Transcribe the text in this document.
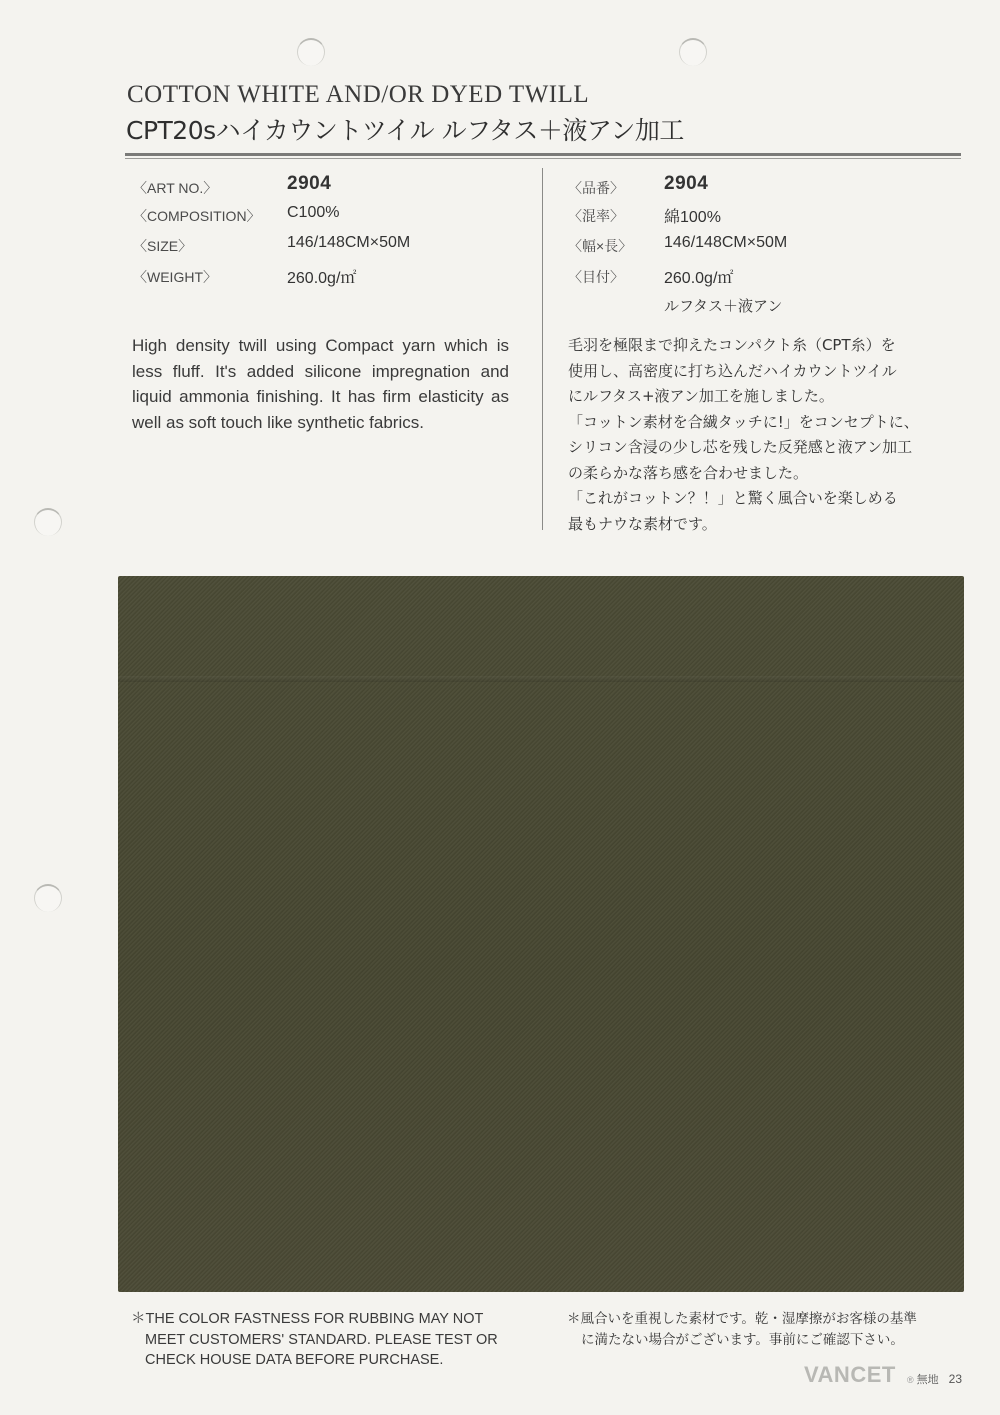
COTTON WHITE AND/OR DYED TWILL
CPT20sハイカウントツイル ルフタス＋液アン加工
〈ART NO.〉	2904
〈COMPOSITION〉 C100%
〈SIZE〉	146/148CM×50M
〈WEIGHT〉	260.0g/㎡
〈品番〉 2904
〈混率〉	綿100%
〈幅×長〉 146/148CM×50M
〈目付〉	260.0g/㎡
ルフタス＋液アン
High density twill using Compact yarn which is less fluff. It's added silicone impregnation and liquid ammonia finishing. It has firm elasticity as well as soft touch like synthetic fabrics.
毛羽を極限まで抑えたコンパクト糸（CPT糸）を
使用し、高密度に打ち込んだハイカウントツイル
にルフタス+液アン加工を施しました。
「コットン素材を合繊タッチに!」をコンセプトに、
シリコン含浸の少し芯を残した反発感と液アン加工
の柔らかな落ち感を合わせました。
「これがコットン？！」と驚く風合いを楽しめる
最もナウな素材です。
＊THE COLOR FASTNESS FOR RUBBING MAY NOT
MEET CUSTOMERS' STANDARD. PLEASE TEST OR
CHECK HOUSE DATA BEFORE PURCHASE.
＊風合いを重視した素材です。乾・湿摩擦がお客様の基準
に満たない場合がございます。事前にご確認下さい。
VANCET ® 無地 23
